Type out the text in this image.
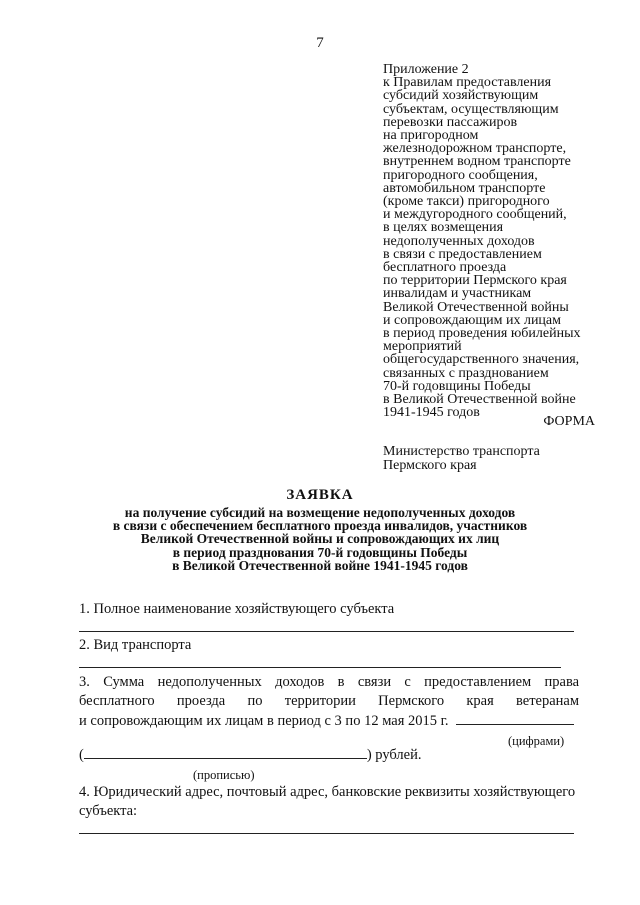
7
Приложение 2
к Правилам предоставления
субсидий хозяйствующим
субъектам, осуществляющим
перевозки пассажиров
на пригородном
железнодорожном транспорте,
внутреннем водном транспорте
пригородного сообщения,
автомобильном транспорте
(кроме такси) пригородного
и междугородного сообщений,
в целях возмещения
недополученных доходов
в связи с предоставлением
бесплатного проезда
по территории Пермского края
инвалидам и участникам
Великой Отечественной войны
и сопровождающим их лицам
в период проведения юбилейных
мероприятий
общегосударственного значения,
связанных с празднованием
70-й годовщины Победы
в Великой Отечественной войне
1941-1945 годов
ФОРМА
Министерство транспорта
Пермского края
ЗАЯВКА
на получение субсидий на возмещение недополученных доходов
в связи с обеспечением бесплатного проезда инвалидов, участников
Великой Отечественной войны и сопровождающих их лиц
в период празднования 70-й годовщины Победы
в Великой Отечественной войне 1941-1945 годов
1. Полное наименование хозяйствующего субъекта
2. Вид транспорта
3. Сумма недополученных доходов в связи с предоставлением права
бесплатного проезда по территории Пермского края ветеранам
и сопровождающим их лицам в период с 3 по 12 мая 2015 г.
(цифрами)
(	) рублей.
(прописью)
4. Юридический адрес, почтовый адрес, банковские реквизиты хозяйствующего
субъекта:
